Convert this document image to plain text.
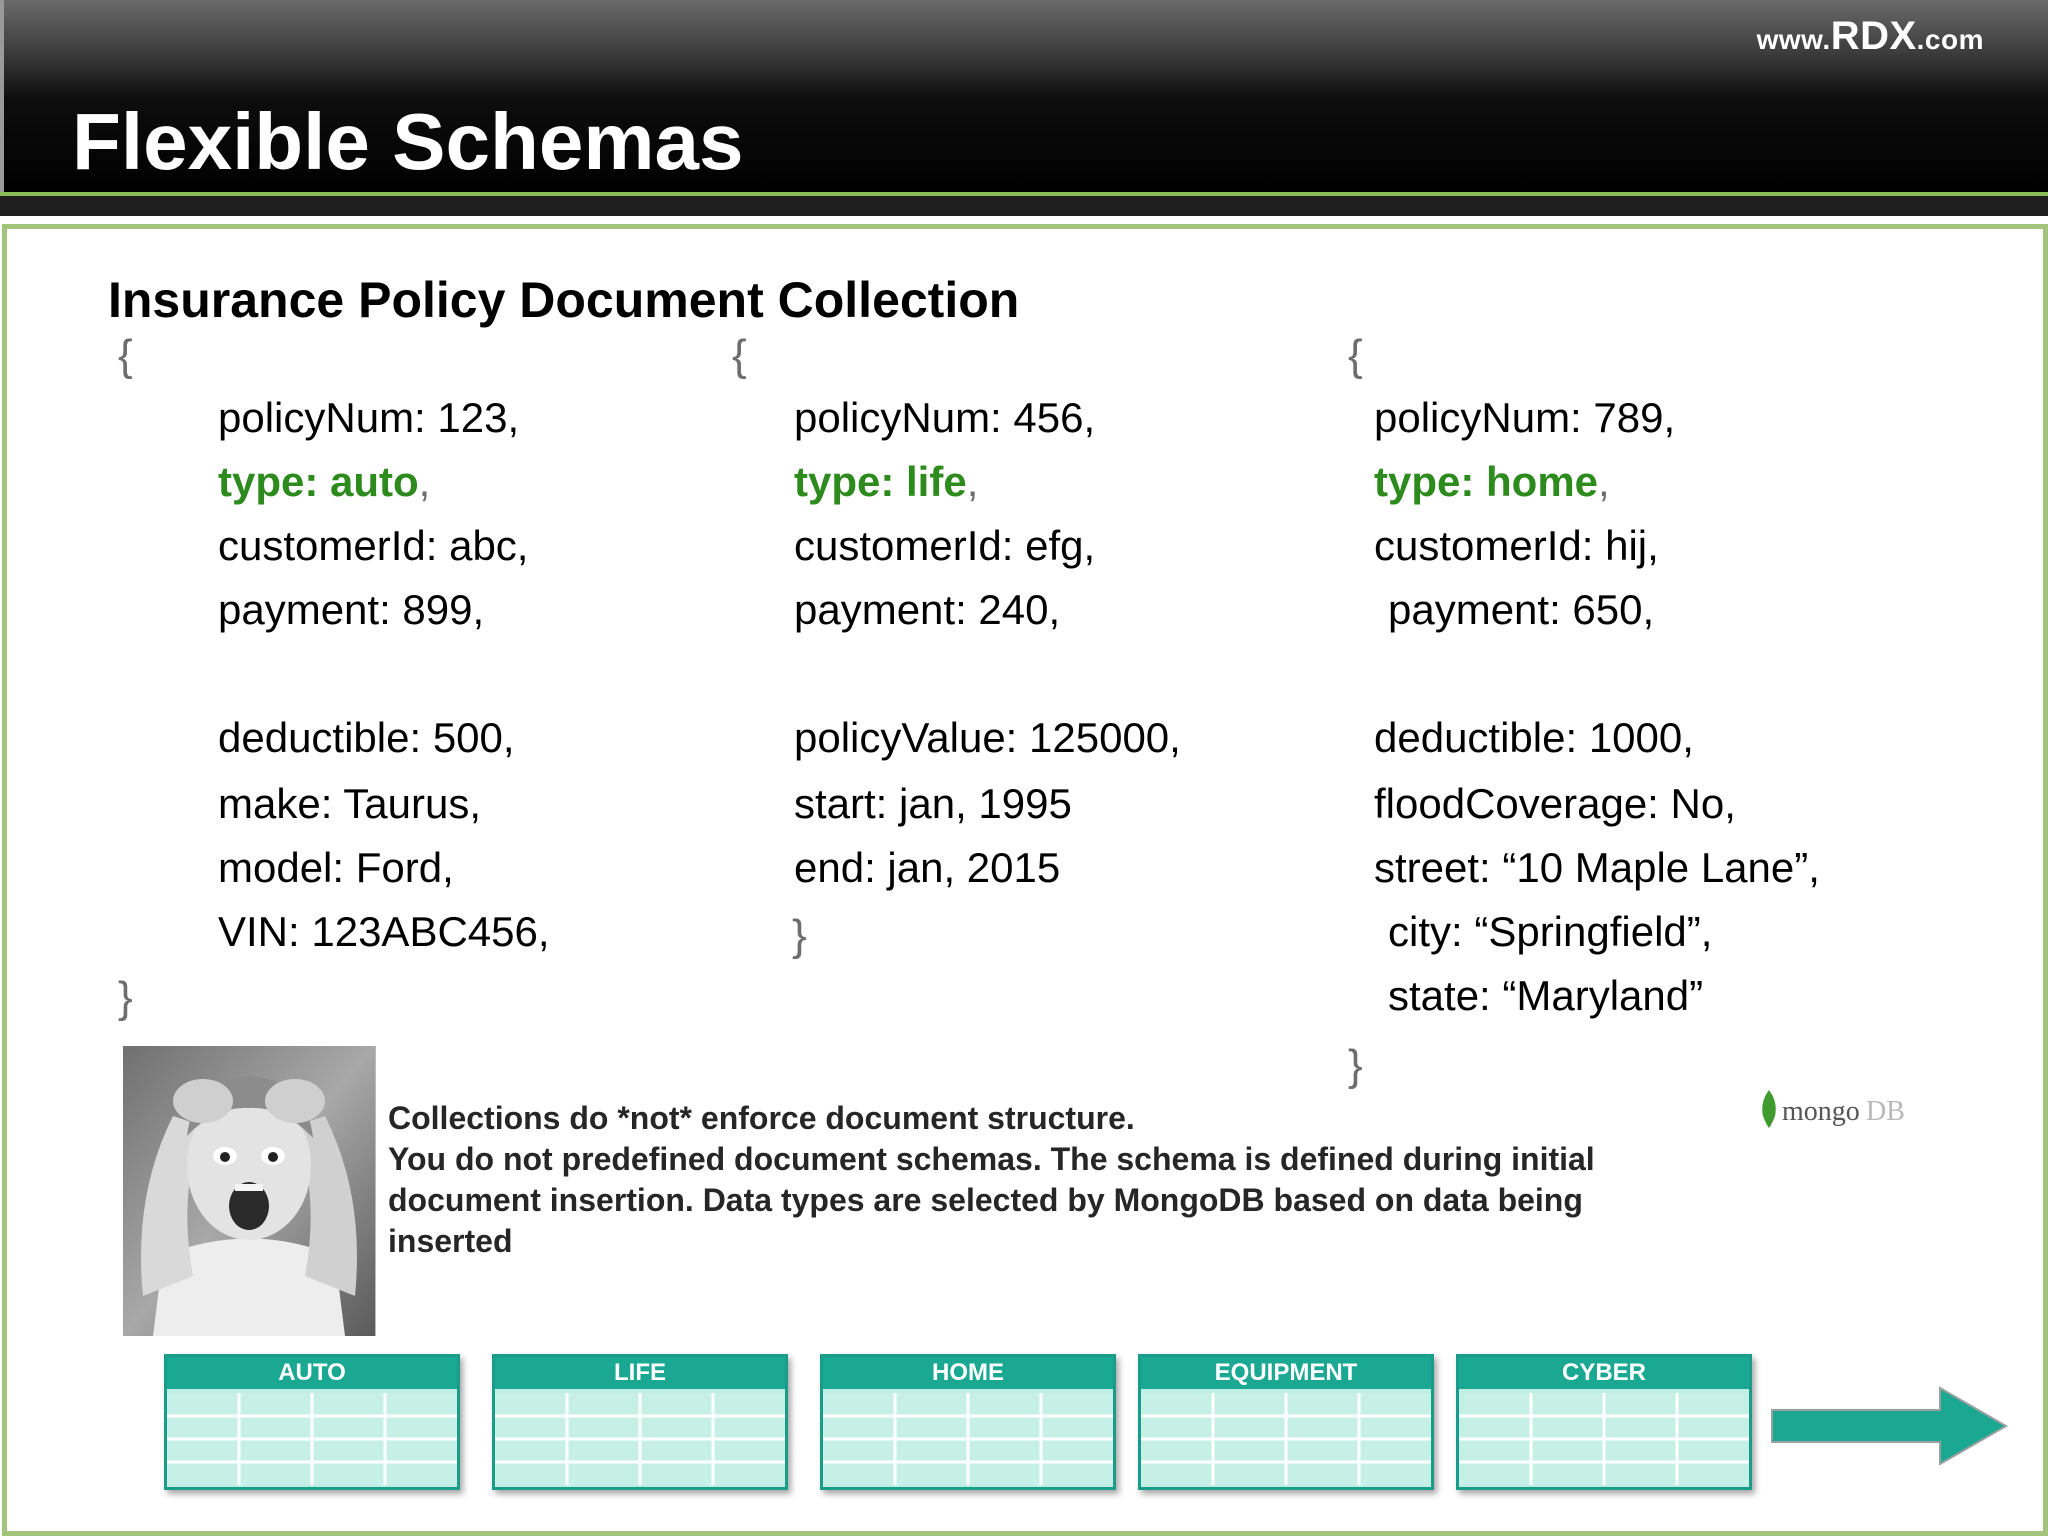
www.RDX.com
Flexible Schemas
Insurance Policy Document Collection
{
policyNum: 123,
type: auto,
customerId: abc,
payment: 899,
deductible: 500,
make: Taurus,
model: Ford,
VIN: 123ABC456,
}
{
policyNum: 456,
type: life,
customerId: efg,
payment: 240,
policyValue: 125000,
start: jan, 1995
end: jan, 2015
}
{
policyNum: 789,
type: home,
customerId: hij,
payment: 650,
deductible: 1000,
floodCoverage: No,
street: “10 Maple Lane”,
city: “Springfield”,
state: “Maryland”
}

Collections do *not* enforce document structure.

You do not predefined document schemas. The schema is defined during initial document insertion. Data types are selected by MongoDB based on data being inserted

mongo DB
AUTO	LIFE	HOME	EQUIPMENT	CYBER
